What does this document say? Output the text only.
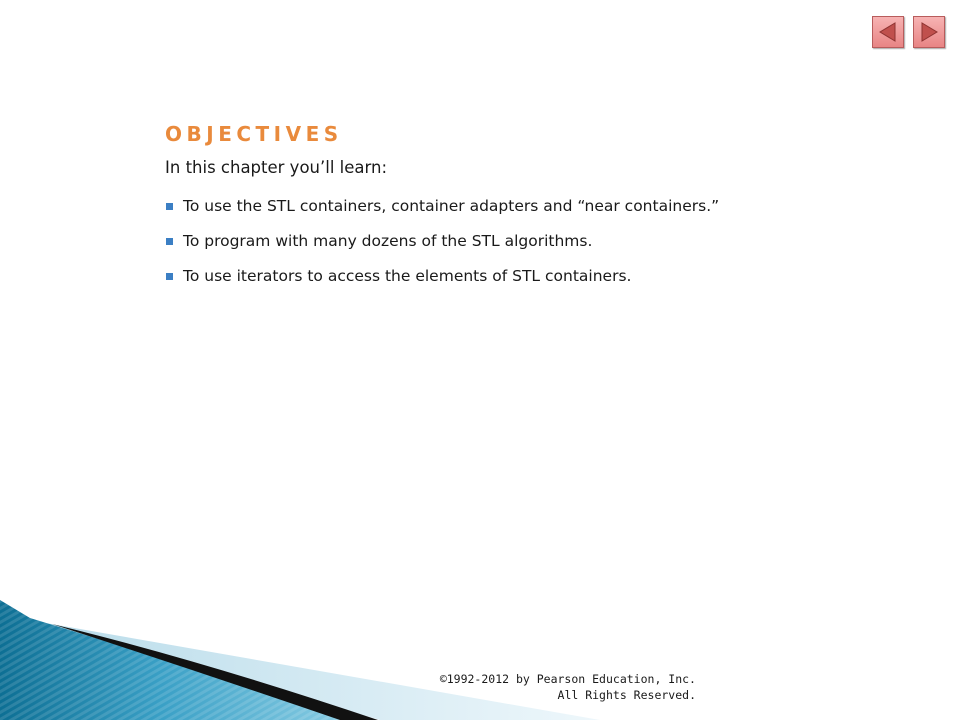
OBJECTIVES
In this chapter you’ll learn:
To use the STL containers, container adapters and “near containers.”
To program with many dozens of the STL algorithms.
To use iterators to access the elements of STL containers.
©1992-2012 by Pearson Education, Inc.
All Rights Reserved.
